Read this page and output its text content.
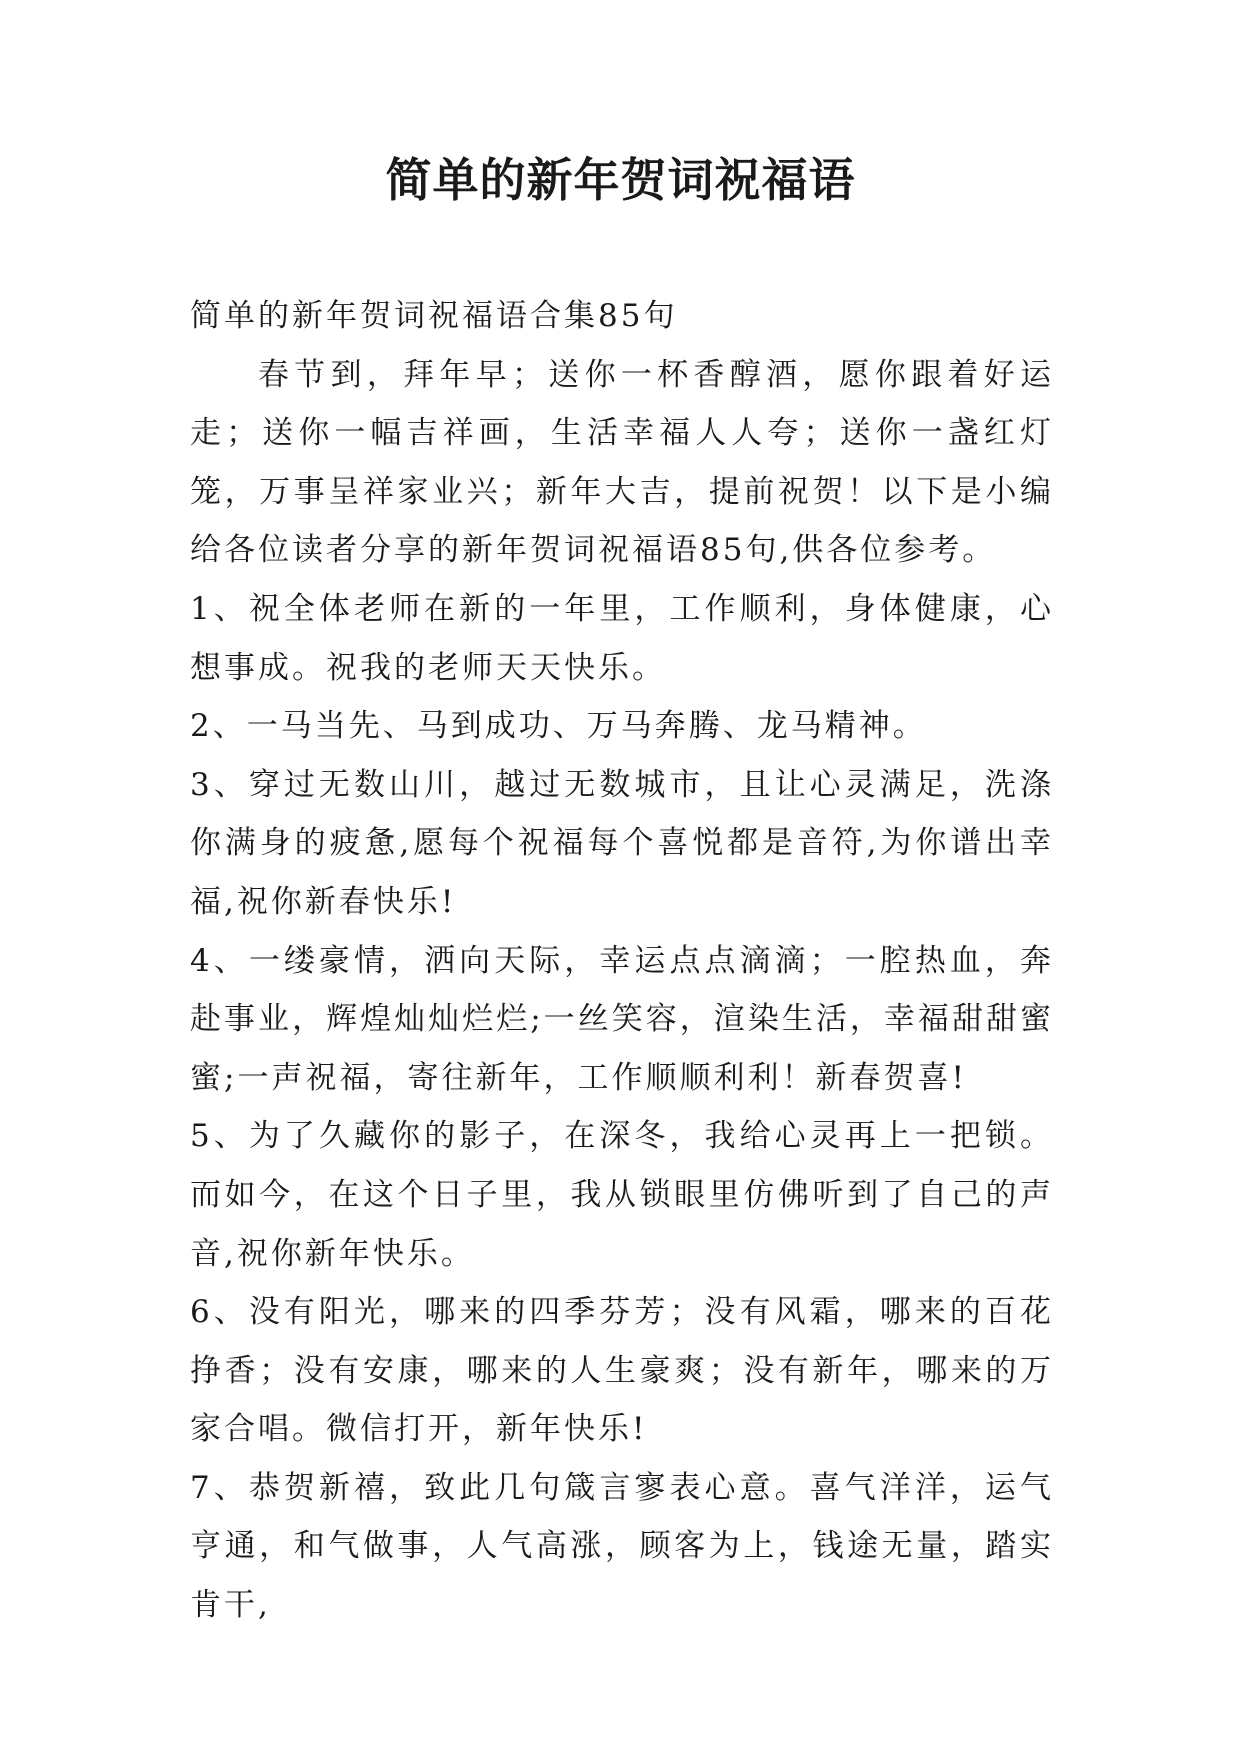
简单的新年贺词祝福语

简单的新年贺词祝福语合集85句

春节到，拜年早；送你一杯香醇酒，愿你跟着好运走；送你一幅吉祥画，生活幸福人人夸；送你一盏红灯笼，万事呈祥家业兴；新年大吉，提前祝贺！以下是小编给各位读者分享的新年贺词祝福语85句,供各位参考。

1、祝全体老师在新的一年里，工作顺利，身体健康，心想事成。祝我的老师天天快乐。

2、一马当先、马到成功、万马奔腾、龙马精神。

3、穿过无数山川，越过无数城市，且让心灵满足，洗涤你满身的疲惫,愿每个祝福每个喜悦都是音符,为你谱出幸福,祝你新春快乐!

4、一缕豪情，洒向天际，幸运点点滴滴；一腔热血，奔赴事业，辉煌灿灿烂烂;一丝笑容，渲染生活，幸福甜甜蜜蜜;一声祝福，寄往新年，工作顺顺利利！新春贺喜!

5、为了久藏你的影子，在深冬，我给心灵再上一把锁。而如今，在这个日子里，我从锁眼里仿佛听到了自己的声音,祝你新年快乐。

6、没有阳光，哪来的四季芬芳；没有风霜，哪来的百花挣香；没有安康，哪来的人生豪爽；没有新年，哪来的万家合唱。微信打开，新年快乐!

7、恭贺新禧，致此几句箴言寥表心意。喜气洋洋，运气亨通，和气做事，人气高涨，顾客为上，钱途无量，踏实肯干,
